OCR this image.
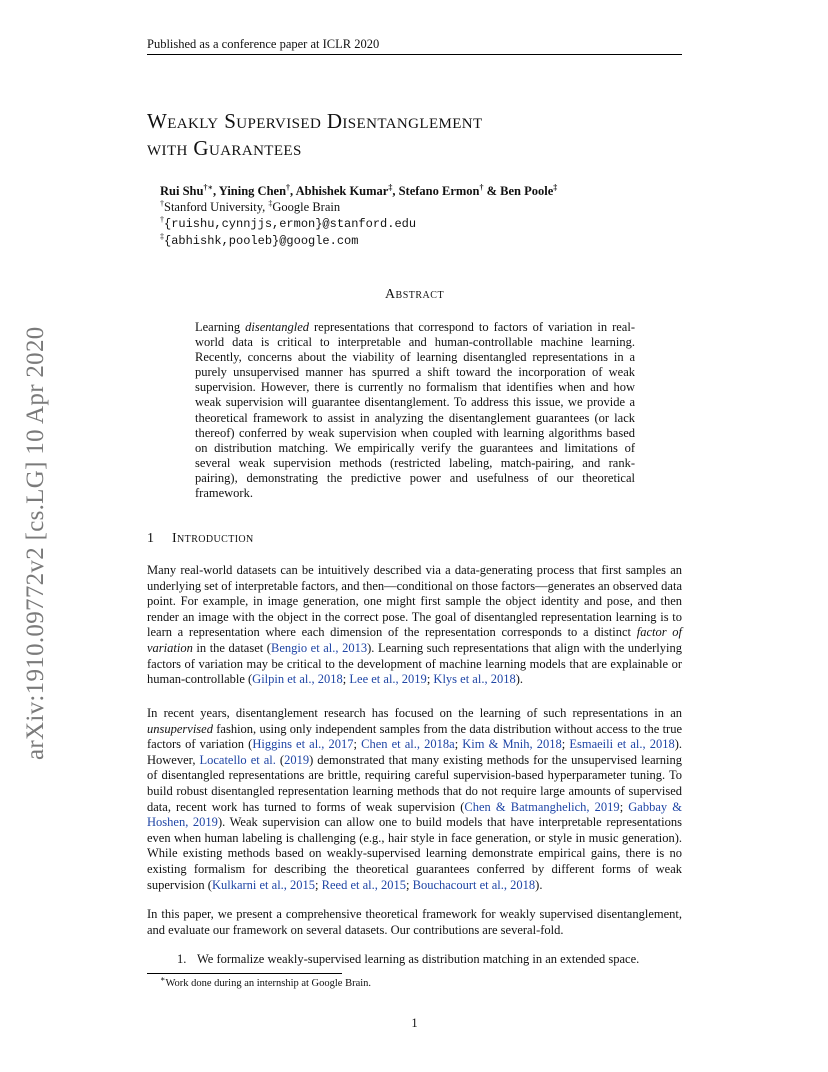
Published as a conference paper at ICLR 2020
Weakly Supervised Disentanglement
with Guarantees
Rui Shu†∗, Yining Chen†, Abhishek Kumar‡, Stefano Ermon† & Ben Poole‡
†Stanford University, ‡Google Brain
†{ruishu,cynnjjs,ermon}@stanford.edu
‡{abhishk,pooleb}@google.com
arXiv:1910.09772v2 [cs.LG] 10 Apr 2020
Abstract
Learning disentangled representations that correspond to factors of variation in real-world data is critical to interpretable and human-controllable machine learning. Recently, concerns about the viability of learning disentangled representations in a purely unsupervised manner has spurred a shift toward the incorporation of weak supervision. However, there is currently no formalism that identifies when and how weak supervision will guarantee disentanglement. To address this issue, we provide a theoretical framework to assist in analyzing the disentanglement guarantees (or lack thereof) conferred by weak supervision when coupled with learning algorithms based on distribution matching. We empirically verify the guarantees and limitations of several weak supervision methods (restricted labeling, match-pairing, and rank-pairing), demonstrating the predictive power and usefulness of our theoretical framework.
1 Introduction
Many real-world datasets can be intuitively described via a data-generating process that first samples an underlying set of interpretable factors, and then—conditional on those factors—generates an observed data point. For example, in image generation, one might first sample the object identity and pose, and then render an image with the object in the correct pose. The goal of disentangled representation learning is to learn a representation where each dimension of the representation corresponds to a distinct factor of variation in the dataset (Bengio et al., 2013). Learning such representations that align with the underlying factors of variation may be critical to the development of machine learning models that are explainable or human-controllable (Gilpin et al., 2018; Lee et al., 2019; Klys et al., 2018).
In recent years, disentanglement research has focused on the learning of such representations in an unsupervised fashion, using only independent samples from the data distribution without access to the true factors of variation (Higgins et al., 2017; Chen et al., 2018a; Kim & Mnih, 2018; Esmaeili et al., 2018). However, Locatello et al. (2019) demonstrated that many existing methods for the unsupervised learning of disentangled representations are brittle, requiring careful supervision-based hyperparameter tuning. To build robust disentangled representation learning methods that do not require large amounts of supervised data, recent work has turned to forms of weak supervision (Chen & Batmanghelich, 2019; Gabbay & Hoshen, 2019). Weak supervision can allow one to build models that have interpretable representations even when human labeling is challenging (e.g., hair style in face generation, or style in music generation). While existing methods based on weakly-supervised learning demonstrate empirical gains, there is no existing formalism for describing the theoretical guarantees conferred by different forms of weak supervision (Kulkarni et al., 2015; Reed et al., 2015; Bouchacourt et al., 2018).
In this paper, we present a comprehensive theoretical framework for weakly supervised disentanglement, and evaluate our framework on several datasets. Our contributions are several-fold.
1. We formalize weakly-supervised learning as distribution matching in an extended space.
∗Work done during an internship at Google Brain.
1
